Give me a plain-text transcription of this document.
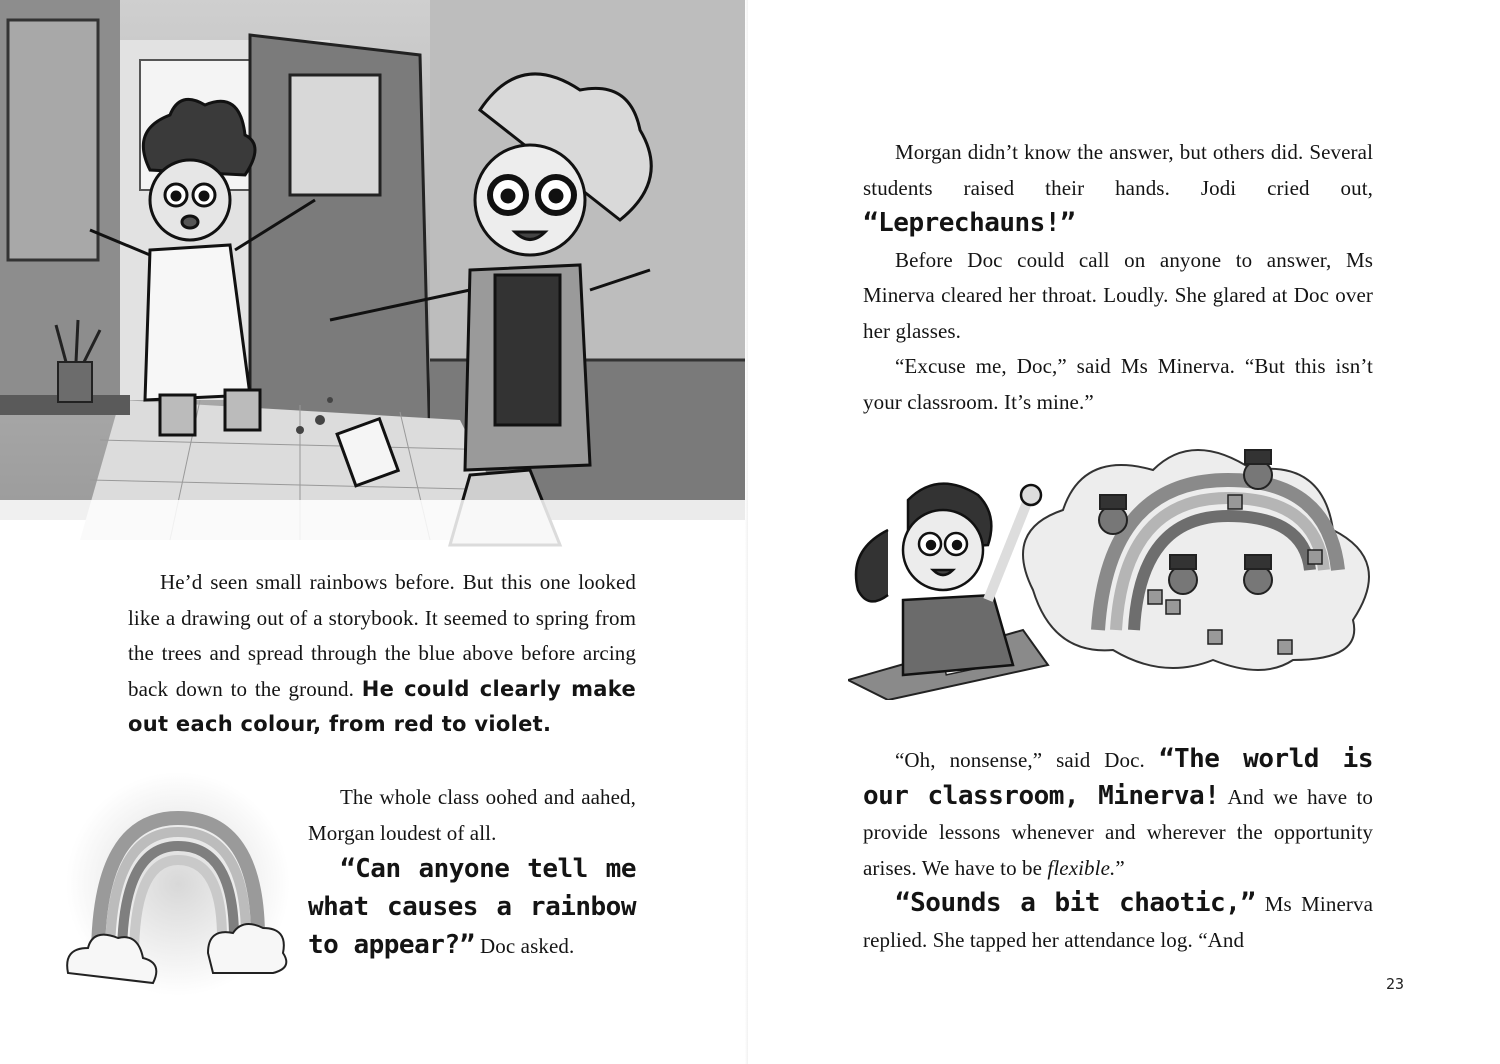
He’d seen small rainbows before. But this one looked like a drawing out of a storybook. It seemed to spring from the trees and spread through the blue above before arcing back down to the ground. He could clearly make out each colour, from red to violet.

The whole class oohed and aahed, Morgan loudest of all.

“Can anyone tell me what causes a rainbow to appear?” Doc asked.

Morgan didn’t know the answer, but others did. Several students raised their hands. Jodi cried out, “Leprechauns!”

Before Doc could call on anyone to answer, Ms Minerva cleared her throat. Loudly. She glared at Doc over her glasses.

“Excuse me, Doc,” said Ms Minerva. “But this isn’t your classroom. It’s mine.”

“Oh, nonsense,” said Doc. “The world is our classroom, Minerva! And we have to provide lessons whenever and wherever the opportunity arises. We have to be flexible.”

“Sounds a bit chaotic,” Ms Minerva replied. She tapped her attendance log. “And

23
